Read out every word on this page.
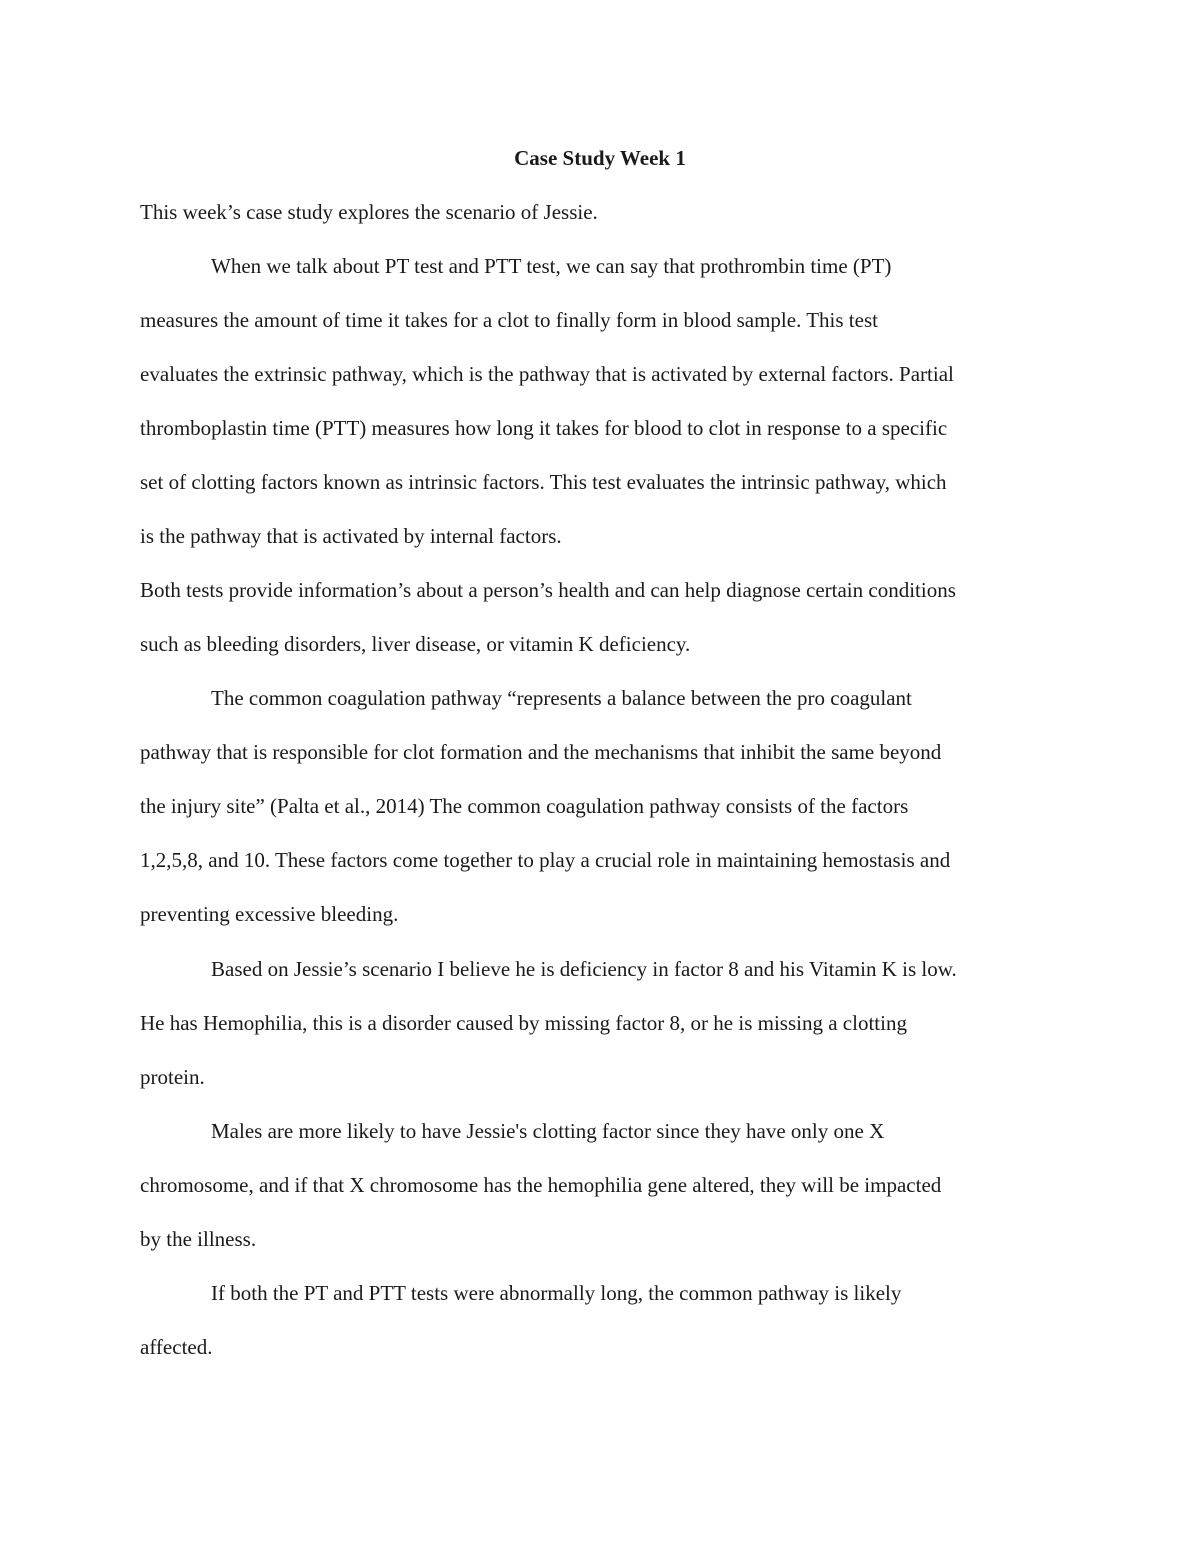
Case Study Week 1
This week’s case study explores the scenario of Jessie.
When we talk about PT test and PTT test, we can say that prothrombin time (PT)
measures the amount of time it takes for a clot to finally form in blood sample. This test
evaluates the extrinsic pathway, which is the pathway that is activated by external factors. Partial
thromboplastin time (PTT) measures how long it takes for blood to clot in response to a specific
set of clotting factors known as intrinsic factors. This test evaluates the intrinsic pathway, which
is the pathway that is activated by internal factors.
Both tests provide information’s about a person’s health and can help diagnose certain conditions
such as bleeding disorders, liver disease, or vitamin K deficiency.
The common coagulation pathway “represents a balance between the pro coagulant
pathway that is responsible for clot formation and the mechanisms that inhibit the same beyond
the injury site” (Palta et al., 2014) The common coagulation pathway consists of the factors
1,2,5,8, and 10. These factors come together to play a crucial role in maintaining hemostasis and
preventing excessive bleeding.
Based on Jessie’s scenario I believe he is deficiency in factor 8 and his Vitamin K is low.
He has Hemophilia, this is a disorder caused by missing factor 8, or he is missing a clotting
protein.
Males are more likely to have Jessie's clotting factor since they have only one X
chromosome, and if that X chromosome has the hemophilia gene altered, they will be impacted
by the illness.
If both the PT and PTT tests were abnormally long, the common pathway is likely
affected.
